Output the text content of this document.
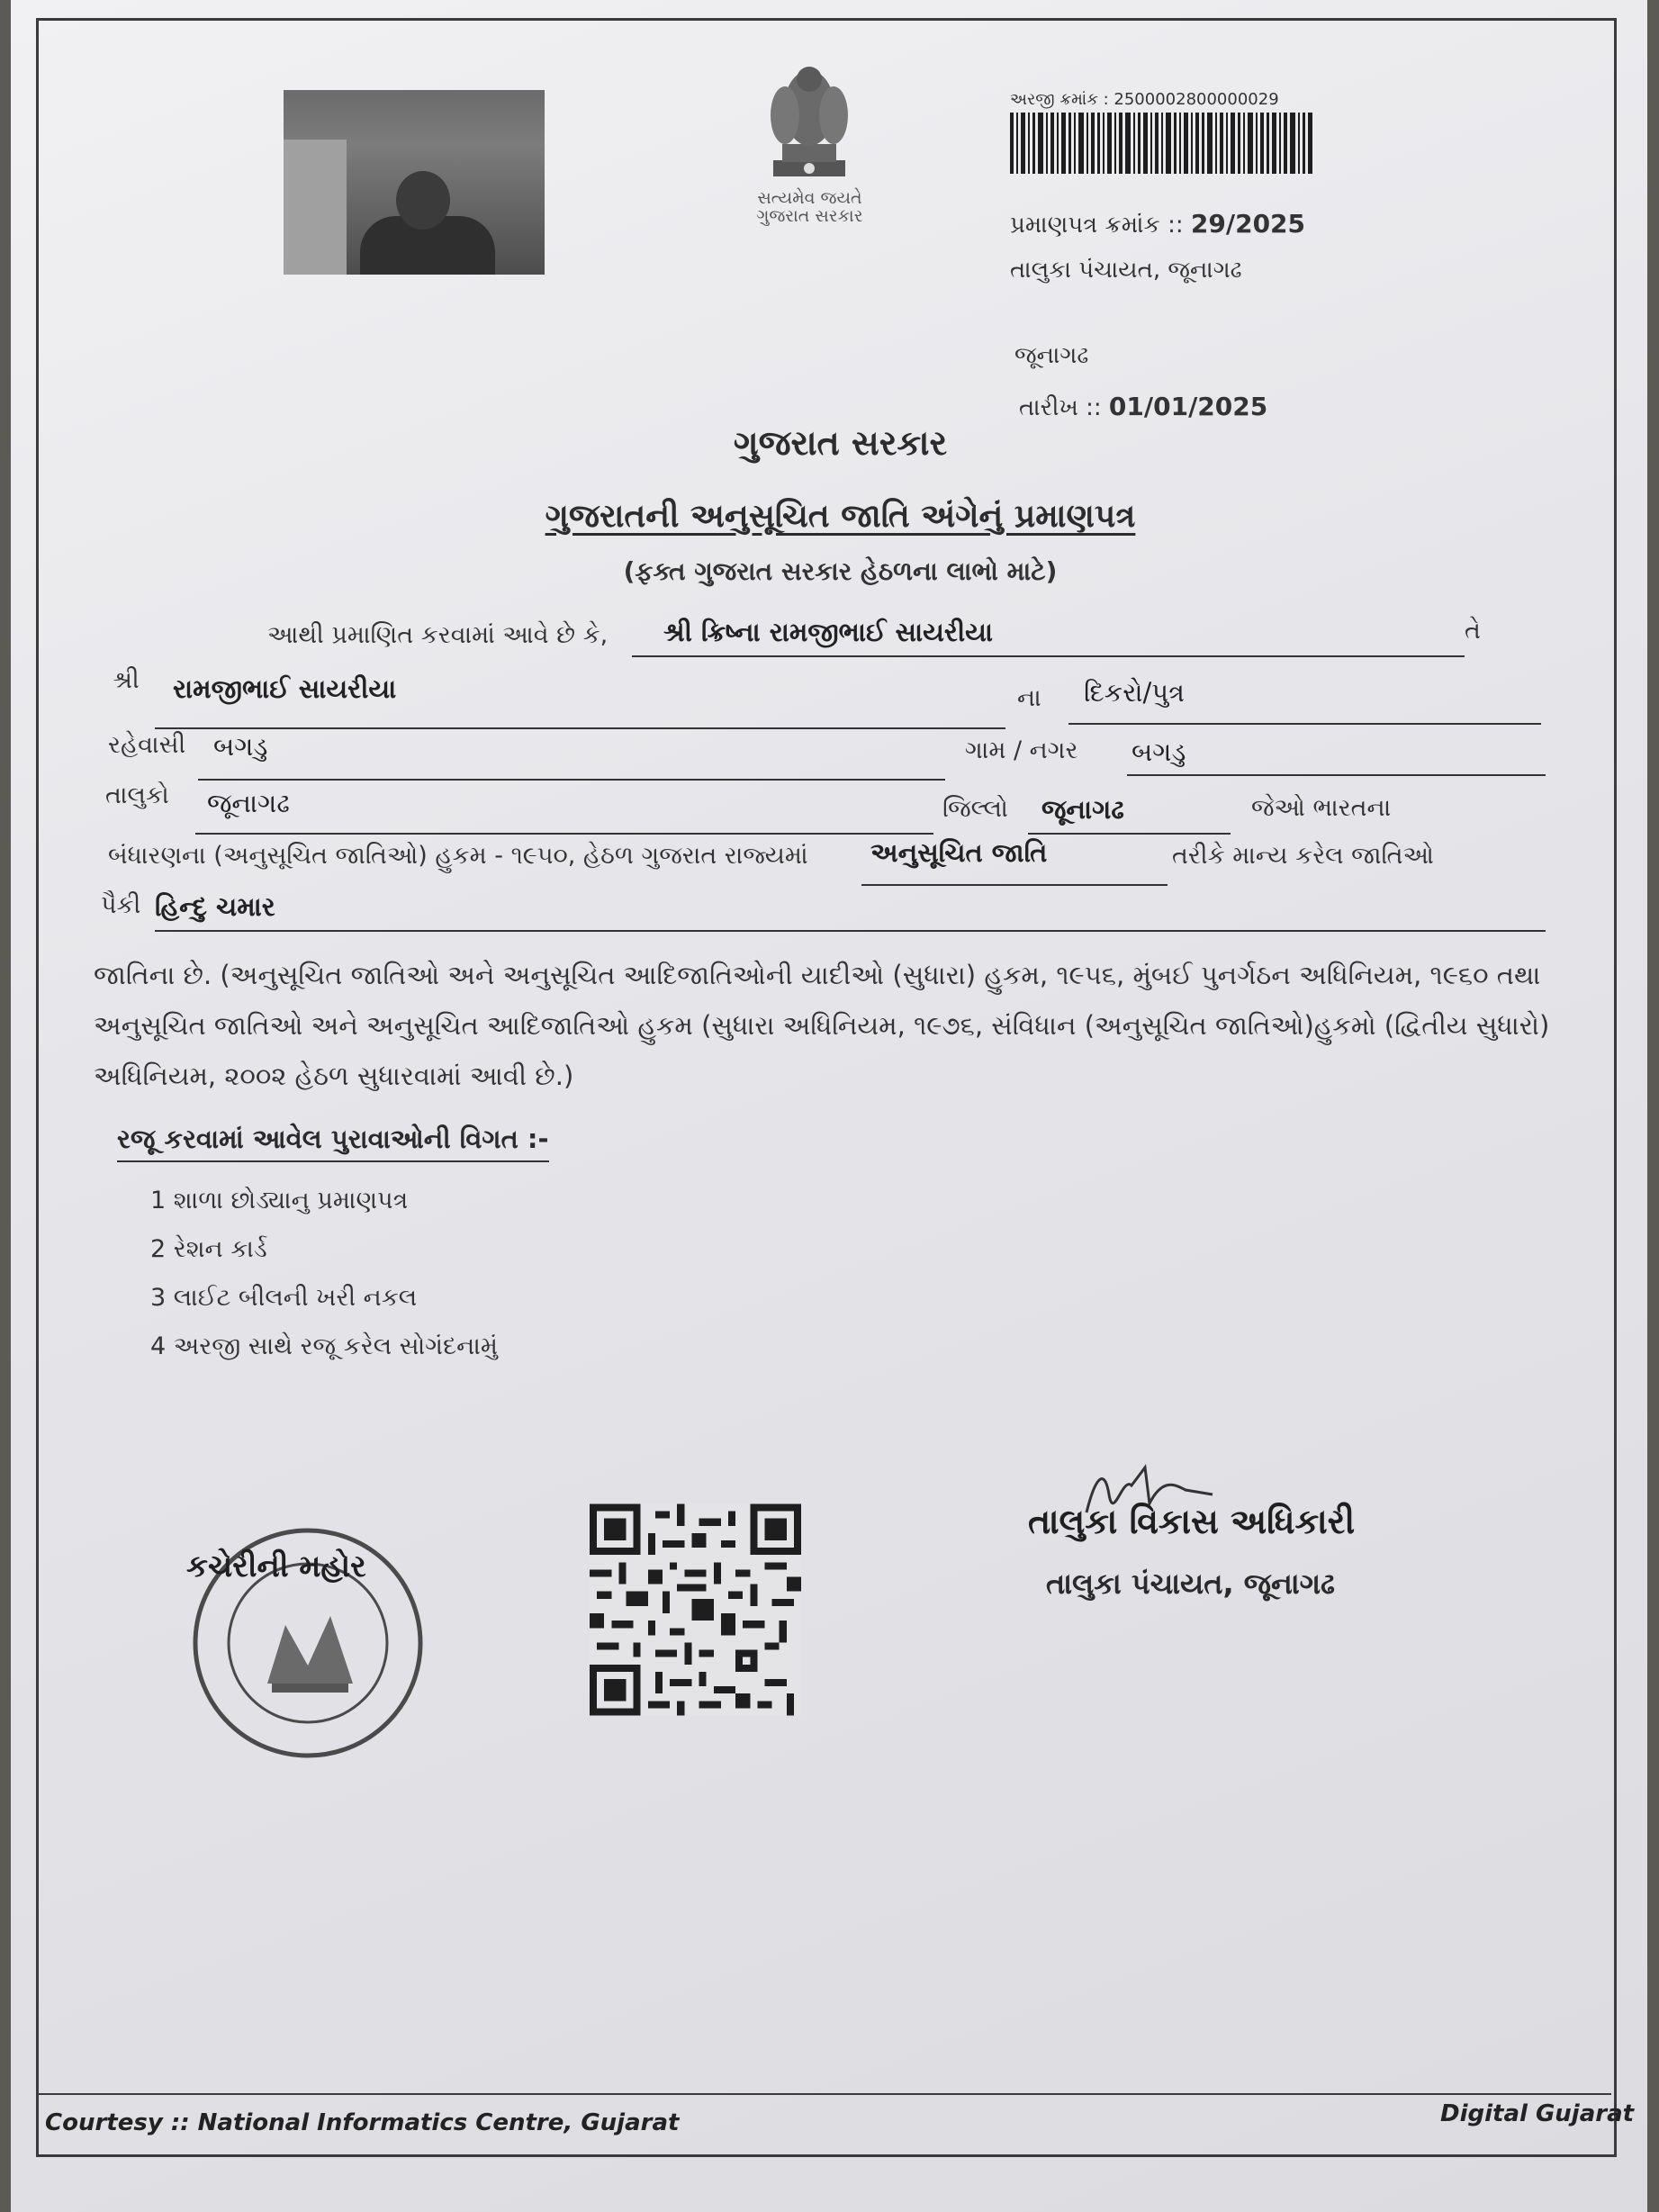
સત્યમેવ જયતે
ગુજરાત સરકાર
અરજી ક્રમાંક : 2500002800000029
પ્રમાણપત્ર ક્રમાંક :: 29/2025
તાલુકા પંચાયત, જૂનાગઢ
જૂનાગઢ
તારીખ :: 01/01/2025
ગુજરાત સરકાર
ગુજરાતની અનુસૂચિત જાતિ અંગેનું પ્રમાણપત્ર
(ફક્ત ગુજરાત સરકાર હેઠળના લાભો માટે)
આથી પ્રમાણિત કરવામાં આવે છે કે, શ્રી ક્રિષ્ના રામજીભાઈ સાયરીયા	તે
શ્રી રામજીભાઈ સાયરીયા	ના દિકરો/પુત્ર
રહેવાસી બગડુ	ગામ / નગર બગડુ
તાલુકો જૂનાગઢ	જિલ્લો જૂનાગઢ	જેઓ ભારતના
બંધારણના (અનુસૂચિત જાતિઓ) હુકમ - ૧૯૫૦, હેઠળ ગુજરાત રાજ્યમાં અનુસૂચિત જાતિ	તરીકે માન્ય કરેલ જાતિઓ
પૈકી હિન્દુ ચમાર
જાતિના છે. (અનુસૂચિત જાતિઓ અને અનુસૂચિત આદિજાતિઓની યાદીઓ (સુધારા) હુકમ, ૧૯૫૬, મુંબઈ પુનર્ગઠન અધિનિયમ, ૧૯૬૦ તથા અનુસૂચિત જાતિઓ અને અનુસૂચિત આદિજાતિઓ હુકમ (સુધારા અધિનિયમ, ૧૯૭૬, સંવિધાન (અનુસૂચિત જાતિઓ)હુકમો (દ્વિતીય સુધારો) અધિનિયમ, ૨૦૦૨ હેઠળ સુધારવામાં આવી છે.)
રજૂ કરવામાં આવેલ પુરાવાઓની વિગત :-
1 શાળા છોડ્યાનુ પ્રમાણપત્ર
2 રેશન કાર્ડ
3 લાઈટ બીલની ખરી નકલ
4 અરજી સાથે રજૂ કરેલ સોગંદનામું
કચેરીની મહોર
તાલુકા વિકાસ અધિકારી
તાલુકા પંચાયત, જૂનાગઢ
Courtesy :: National Informatics Centre, Gujarat	Digital Gujarat
